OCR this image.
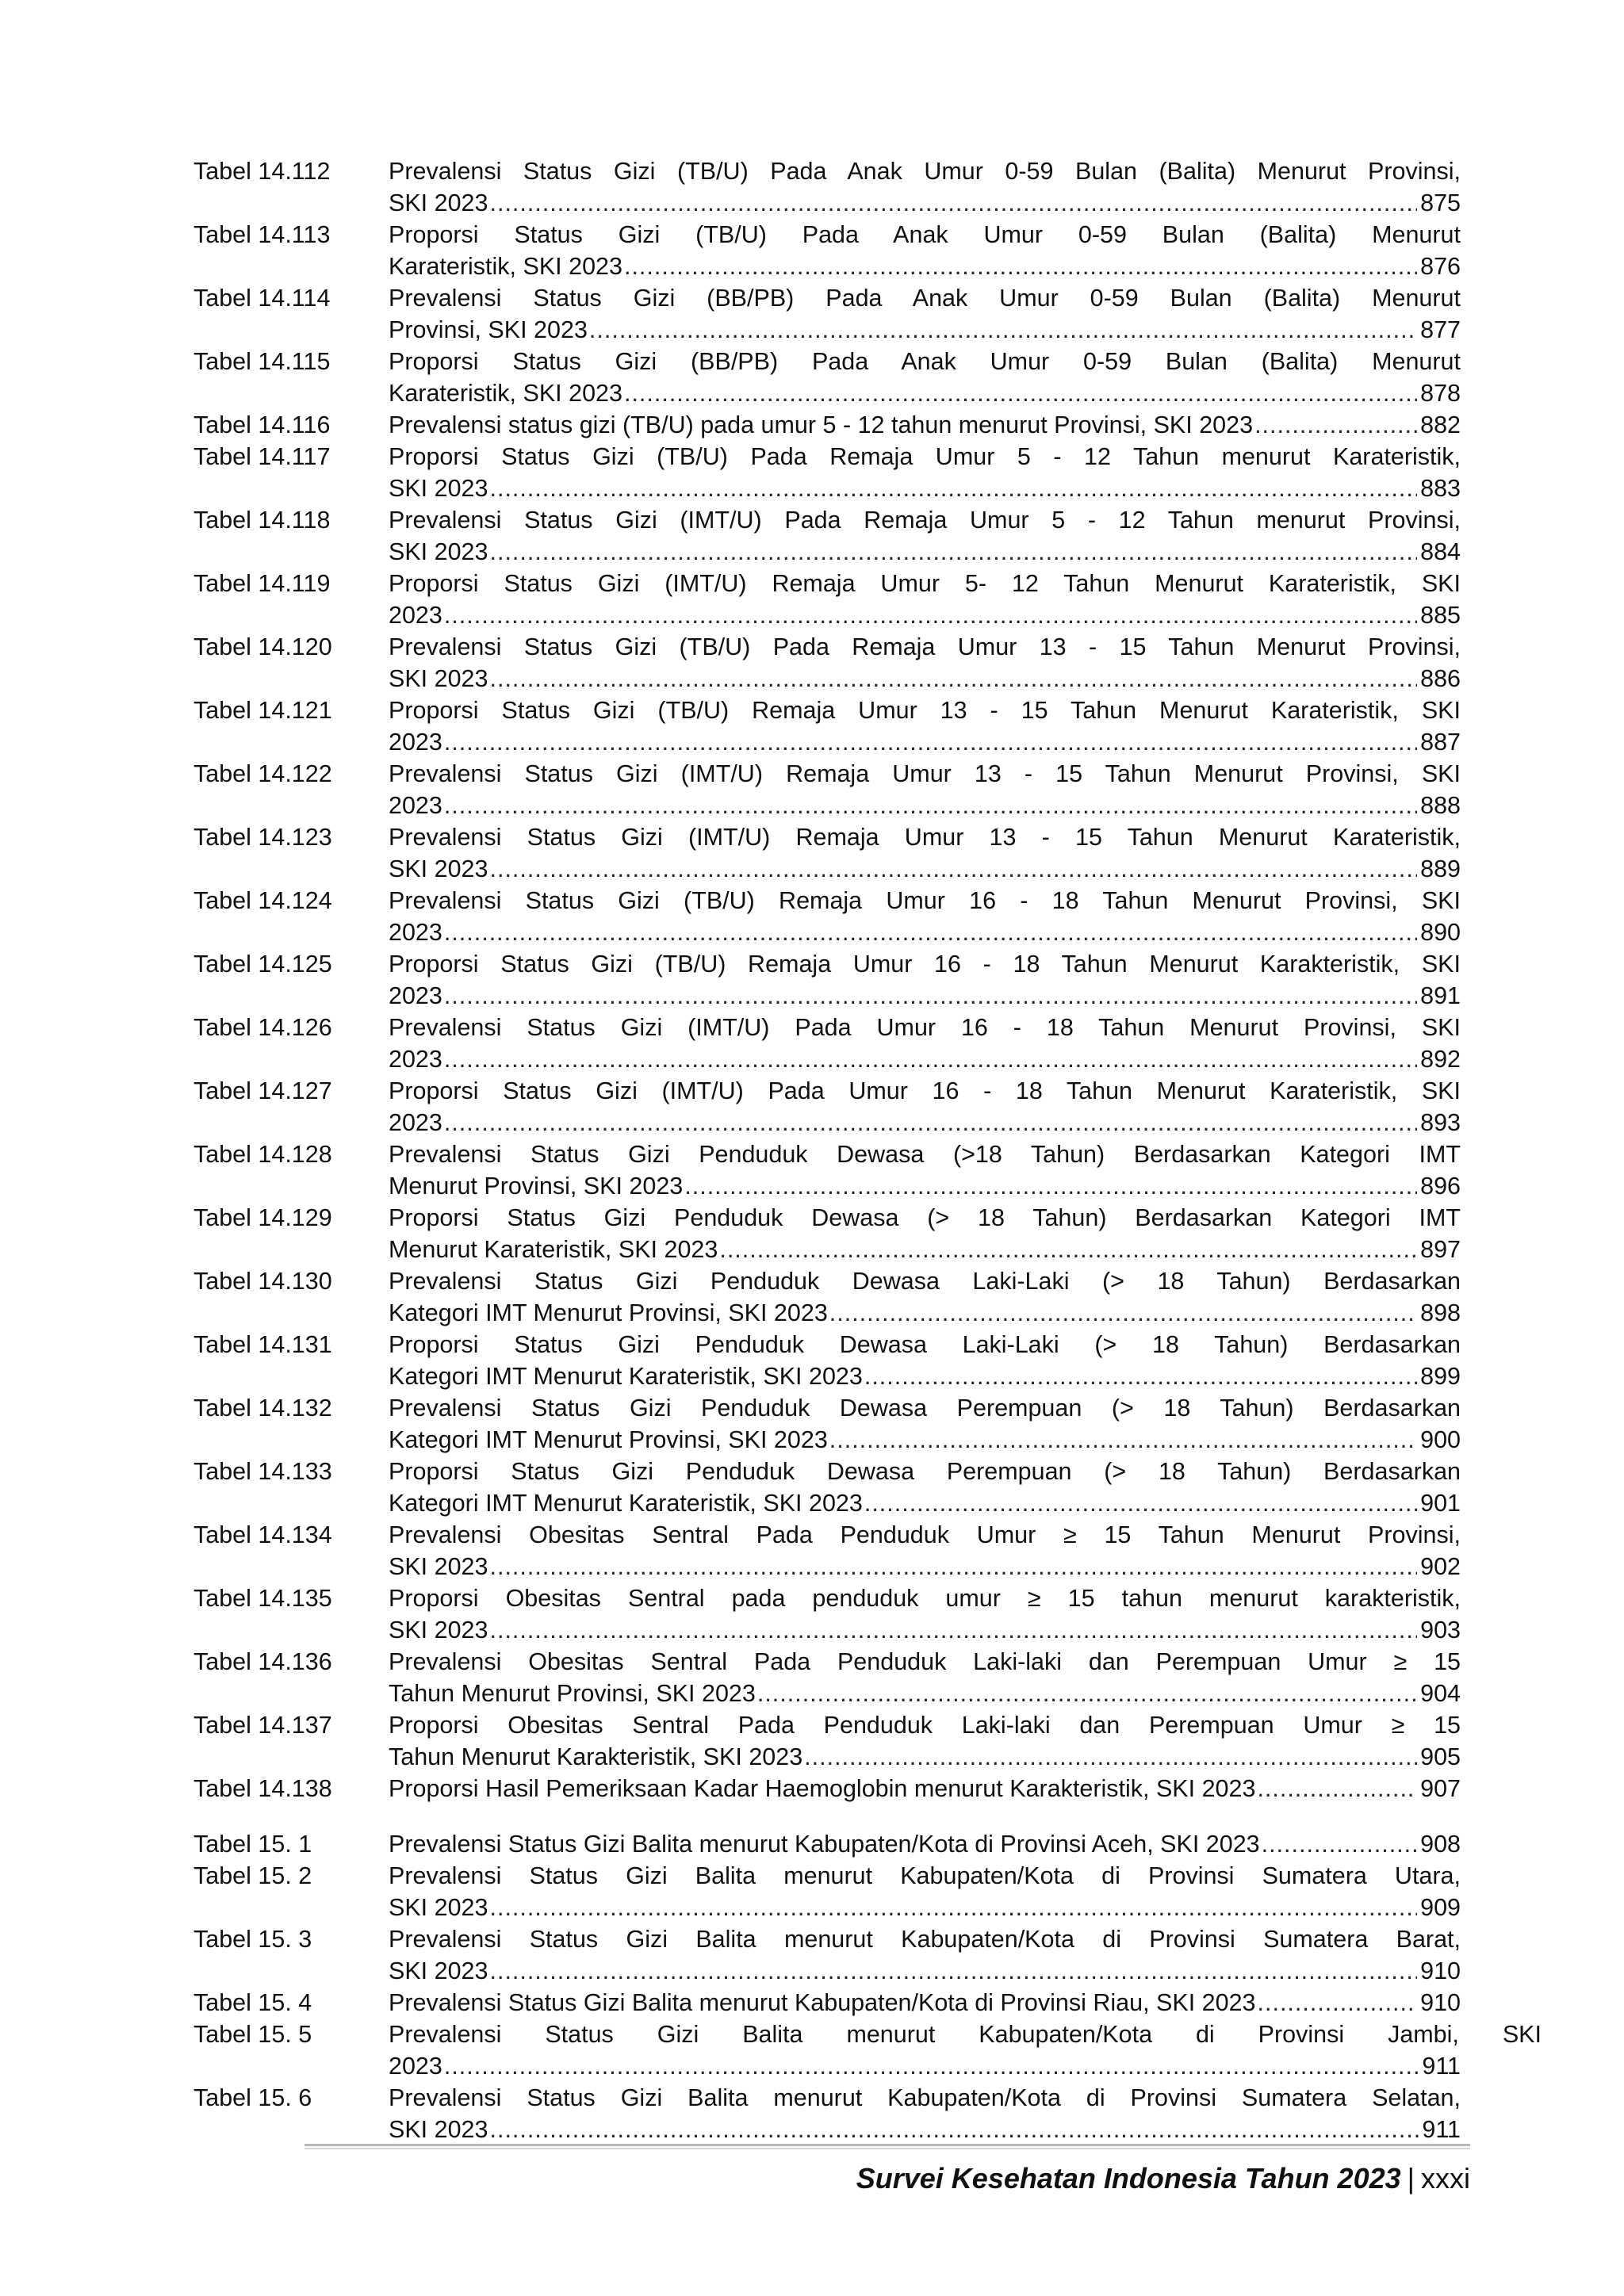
Tabel 14.112	Prevalensi Status Gizi (TB/U) Pada Anak Umur 0-59 Bulan (Balita) Menurut Provinsi,
SKI 2023 .....	875
Tabel 14.113	Proporsi Status Gizi (TB/U) Pada Anak Umur 0-59 Bulan (Balita) Menurut
Karateristik, SKI 2023 .....	876
Tabel 14.114	Prevalensi Status Gizi (BB/PB) Pada Anak Umur 0-59 Bulan (Balita) Menurut
Provinsi, SKI 2023 .....	877
Tabel 14.115	Proporsi Status Gizi (BB/PB) Pada Anak Umur 0-59 Bulan (Balita) Menurut
Karateristik, SKI 2023 .....	878
Tabel 14.116	Prevalensi status gizi (TB/U) pada umur 5 - 12 tahun menurut Provinsi, SKI 2023 .....	882
Tabel 14.117	Proporsi Status Gizi (TB/U) Pada Remaja Umur 5 - 12 Tahun menurut Karateristik,
SKI 2023 .....	883
Tabel 14.118	Prevalensi Status Gizi (IMT/U) Pada Remaja Umur 5 - 12 Tahun menurut Provinsi,
SKI 2023 .....	884
Tabel 14.119	Proporsi Status Gizi (IMT/U) Remaja Umur 5- 12 Tahun Menurut Karateristik, SKI
2023 .....	885
Tabel 14.120	Prevalensi Status Gizi (TB/U) Pada Remaja Umur 13 - 15 Tahun Menurut Provinsi,
SKI 2023 .....	886
Tabel 14.121	Proporsi Status Gizi (TB/U) Remaja Umur 13 - 15 Tahun Menurut Karateristik, SKI
2023 .....	887
Tabel 14.122	Prevalensi Status Gizi (IMT/U) Remaja Umur 13 - 15 Tahun Menurut Provinsi, SKI
2023 .....	888
Tabel 14.123	Prevalensi Status Gizi (IMT/U) Remaja Umur 13 - 15 Tahun Menurut Karateristik,
SKI 2023 .....	889
Tabel 14.124	Prevalensi Status Gizi (TB/U) Remaja Umur 16 - 18 Tahun Menurut Provinsi, SKI
2023 .....	890
Tabel 14.125	Proporsi Status Gizi (TB/U) Remaja Umur 16 - 18 Tahun Menurut Karakteristik, SKI
2023 .....	891
Tabel 14.126	Prevalensi Status Gizi (IMT/U) Pada Umur 16 - 18 Tahun Menurut Provinsi, SKI
2023 .....	892
Tabel 14.127	Proporsi Status Gizi (IMT/U) Pada Umur 16 - 18 Tahun Menurut Karateristik, SKI
2023 .....	893
Tabel 14.128	Prevalensi Status Gizi Penduduk Dewasa (>18 Tahun) Berdasarkan Kategori IMT
Menurut Provinsi, SKI 2023 .....	896
Tabel 14.129	Proporsi Status Gizi Penduduk Dewasa (> 18 Tahun) Berdasarkan Kategori IMT
Menurut Karateristik, SKI 2023 .....	897
Tabel 14.130	Prevalensi Status Gizi Penduduk Dewasa Laki-Laki (> 18 Tahun) Berdasarkan
Kategori IMT Menurut Provinsi, SKI 2023 .....	898
Tabel 14.131	Proporsi Status Gizi Penduduk Dewasa Laki-Laki (> 18 Tahun) Berdasarkan
Kategori IMT Menurut Karateristik, SKI 2023 .....	899
Tabel 14.132	Prevalensi Status Gizi Penduduk Dewasa Perempuan (> 18 Tahun) Berdasarkan
Kategori IMT Menurut Provinsi, SKI 2023 .....	900
Tabel 14.133	Proporsi Status Gizi Penduduk Dewasa Perempuan (> 18 Tahun) Berdasarkan
Kategori IMT Menurut Karateristik, SKI 2023 .....	901
Tabel 14.134	Prevalensi Obesitas Sentral Pada Penduduk Umur ≥ 15 Tahun Menurut Provinsi,
SKI 2023 .....	902
Tabel 14.135	Proporsi Obesitas Sentral pada penduduk umur ≥ 15 tahun menurut karakteristik,
SKI 2023 .....	903
Tabel 14.136	Prevalensi Obesitas Sentral Pada Penduduk Laki-laki dan Perempuan Umur ≥ 15
Tahun Menurut Provinsi, SKI 2023 .....	904
Tabel 14.137	Proporsi Obesitas Sentral Pada Penduduk Laki-laki dan Perempuan Umur ≥ 15
Tahun Menurut Karakteristik, SKI 2023 .....	905
Tabel 14.138	Proporsi Hasil Pemeriksaan Kadar Haemoglobin menurut Karakteristik, SKI 2023 .....	907
Tabel 15. 1	Prevalensi Status Gizi Balita menurut Kabupaten/Kota di Provinsi Aceh, SKI 2023 .....	908
Tabel 15. 2	Prevalensi Status Gizi Balita menurut Kabupaten/Kota di Provinsi Sumatera Utara,
SKI 2023 .....	909
Tabel 15. 3	Prevalensi Status Gizi Balita menurut Kabupaten/Kota di Provinsi Sumatera Barat,
SKI 2023 .....	910
Tabel 15. 4	Prevalensi Status Gizi Balita menurut Kabupaten/Kota di Provinsi Riau, SKI 2023 .....	910
Tabel 15. 5	Prevalensi Status Gizi Balita menurut Kabupaten/Kota di Provinsi Jambi, SKI
2023 .....	911
Tabel 15. 6	Prevalensi Status Gizi Balita menurut Kabupaten/Kota di Provinsi Sumatera Selatan,
SKI 2023 .....	911
Survei Kesehatan Indonesia Tahun 2023 | xxxi
